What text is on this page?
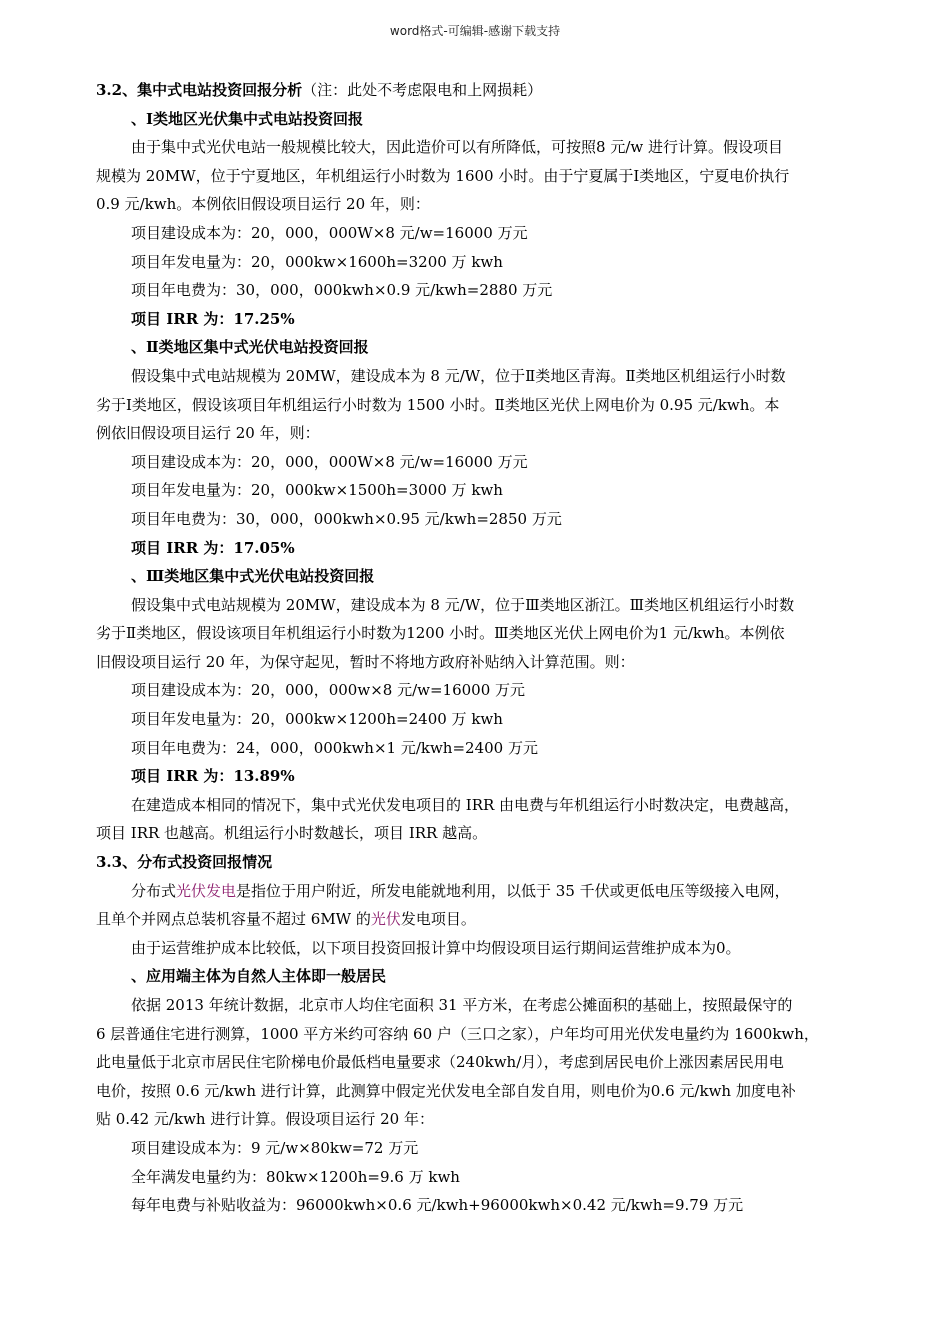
word格式-可编辑-感谢下载支持
3.2、集中式电站投资回报分析（注：此处不考虑限电和上网损耗）
、Ⅰ类地区光伏集中式电站投资回报
由于集中式光伏电站一般规模比较大，因此造价可以有所降低，可按照8 元/w 进行计算。假设项目
规模为 20MW，位于宁夏地区，年机组运行小时数为 1600 小时。由于宁夏属于Ⅰ类地区，宁夏电价执行
0.9 元/kwh。本例依旧假设项目运行 20 年，则：
项目建设成本为：20，000，000W×8 元/w=16000 万元
项目年发电量为：20，000kw×1600h=3200 万 kwh
项目年电费为：30，000，000kwh×0.9 元/kwh=2880 万元
项目 IRR 为：17.25%
、Ⅱ类地区集中式光伏电站投资回报
假设集中式电站规模为 20MW，建设成本为 8 元/W，位于Ⅱ类地区青海。Ⅱ类地区机组运行小时数
劣于Ⅰ类地区，假设该项目年机组运行小时数为 1500 小时。Ⅱ类地区光伏上网电价为 0.95 元/kwh。本
例依旧假设项目运行 20 年，则：
项目建设成本为：20，000，000W×8 元/w=16000 万元
项目年发电量为：20，000kw×1500h=3000 万 kwh
项目年电费为：30，000，000kwh×0.95 元/kwh=2850 万元
项目 IRR 为：17.05%
、Ⅲ类地区集中式光伏电站投资回报
假设集中式电站规模为 20MW，建设成本为 8 元/W，位于Ⅲ类地区浙江。Ⅲ类地区机组运行小时数
劣于Ⅱ类地区，假设该项目年机组运行小时数为1200 小时。Ⅲ类地区光伏上网电价为1 元/kwh。本例依
旧假设项目运行 20 年，为保守起见，暂时不将地方政府补贴纳入计算范围。则：
项目建设成本为：20，000，000w×8 元/w=16000 万元
项目年发电量为：20，000kw×1200h=2400 万 kwh
项目年电费为：24，000，000kwh×1 元/kwh=2400 万元
项目 IRR 为：13.89%
在建造成本相同的情况下，集中式光伏发电项目的 IRR 由电费与年机组运行小时数决定，电费越高，
项目 IRR 也越高。机组运行小时数越长，项目 IRR 越高。
3.3、分布式投资回报情况
分布式光伏发电是指位于用户附近，所发电能就地利用，以低于 35 千伏或更低电压等级接入电网，
且单个并网点总装机容量不超过 6MW 的光伏发电项目。
由于运营维护成本比较低，以下项目投资回报计算中均假设项目运行期间运营维护成本为0。
、应用端主体为自然人主体即一般居民
依据 2013 年统计数据，北京市人均住宅面积 31 平方米，在考虑公摊面积的基础上，按照最保守的
6 层普通住宅进行测算，1000 平方米约可容纳 60 户（三口之家），户年均可用光伏发电量约为 1600kwh，
此电量低于北京市居民住宅阶梯电价最低档电量要求（240kwh/月），考虑到居民电价上涨因素居民用电
电价，按照 0.6 元/kwh 进行计算，此测算中假定光伏发电全部自发自用，则电价为0.6 元/kwh 加度电补
贴 0.42 元/kwh 进行计算。假设项目运行 20 年：
项目建设成本为：9 元/w×80kw=72 万元
全年满发电量约为：80kw×1200h=9.6 万 kwh
每年电费与补贴收益为：96000kwh×0.6 元/kwh+96000kwh×0.42 元/kwh=9.79 万元
